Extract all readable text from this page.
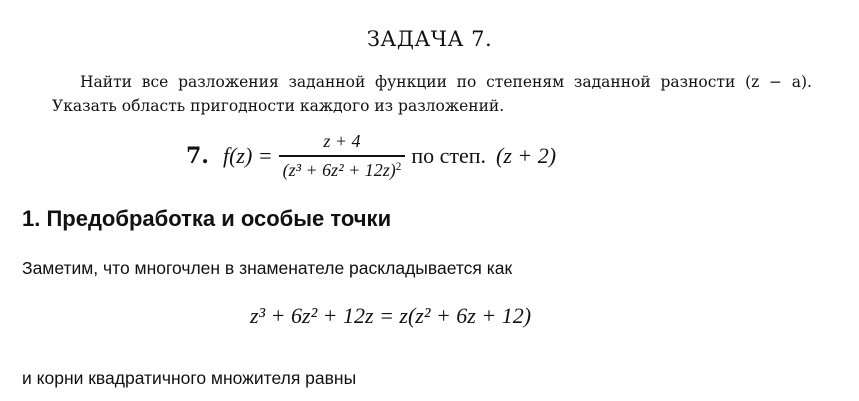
ЗАДАЧА 7.
Найти все разложения заданной функции по степеням заданной разности (z − a). Указать область пригодности каждого из разложений.
7. $f(z) = \frac{z + 4}{(z^3 + 6z^2 + 12z)^2}$ по степ. (z + 2)
1. Предобработка и особые точки
Заметим, что многочлен в знаменателе раскладывается как
z³ + 6z² + 12z = z(z² + 6z + 12)
и корни квадратичного множителя равны
